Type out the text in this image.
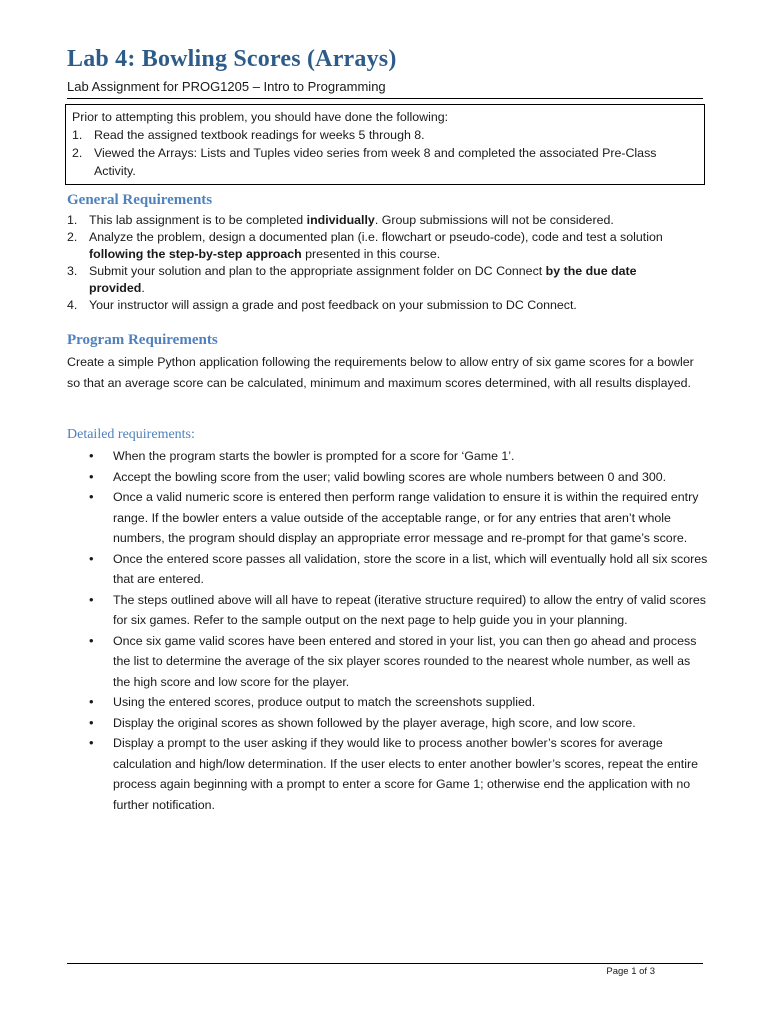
Lab 4: Bowling Scores (Arrays)
Lab Assignment for PROG1205 – Intro to Programming
Prior to attempting this problem, you should have done the following:
1. Read the assigned textbook readings for weeks 5 through 8.
2. Viewed the Arrays: Lists and Tuples video series from week 8 and completed the associated Pre-Class Activity.
General Requirements
1. This lab assignment is to be completed individually. Group submissions will not be considered.
2. Analyze the problem, design a documented plan (i.e. flowchart or pseudo-code), code and test a solution following the step-by-step approach presented in this course.
3. Submit your solution and plan to the appropriate assignment folder on DC Connect by the due date provided.
4. Your instructor will assign a grade and post feedback on your submission to DC Connect.
Program Requirements
Create a simple Python application following the requirements below to allow entry of six game scores for a bowler so that an average score can be calculated, minimum and maximum scores determined, with all results displayed.
Detailed requirements:
• When the program starts the bowler is prompted for a score for ‘Game 1’.
• Accept the bowling score from the user; valid bowling scores are whole numbers between 0 and 300.
• Once a valid numeric score is entered then perform range validation to ensure it is within the required entry range. If the bowler enters a value outside of the acceptable range, or for any entries that aren’t whole numbers, the program should display an appropriate error message and re-prompt for that game’s score.
• Once the entered score passes all validation, store the score in a list, which will eventually hold all six scores that are entered.
• The steps outlined above will all have to repeat (iterative structure required) to allow the entry of valid scores for six games. Refer to the sample output on the next page to help guide you in your planning.
• Once six game valid scores have been entered and stored in your list, you can then go ahead and process the list to determine the average of the six player scores rounded to the nearest whole number, as well as the high score and low score for the player.
• Using the entered scores, produce output to match the screenshots supplied.
• Display the original scores as shown followed by the player average, high score, and low score.
• Display a prompt to the user asking if they would like to process another bowler’s scores for average calculation and high/low determination. If the user elects to enter another bowler’s scores, repeat the entire process again beginning with a prompt to enter a score for Game 1; otherwise end the application with no further notification.
Page 1 of 3
